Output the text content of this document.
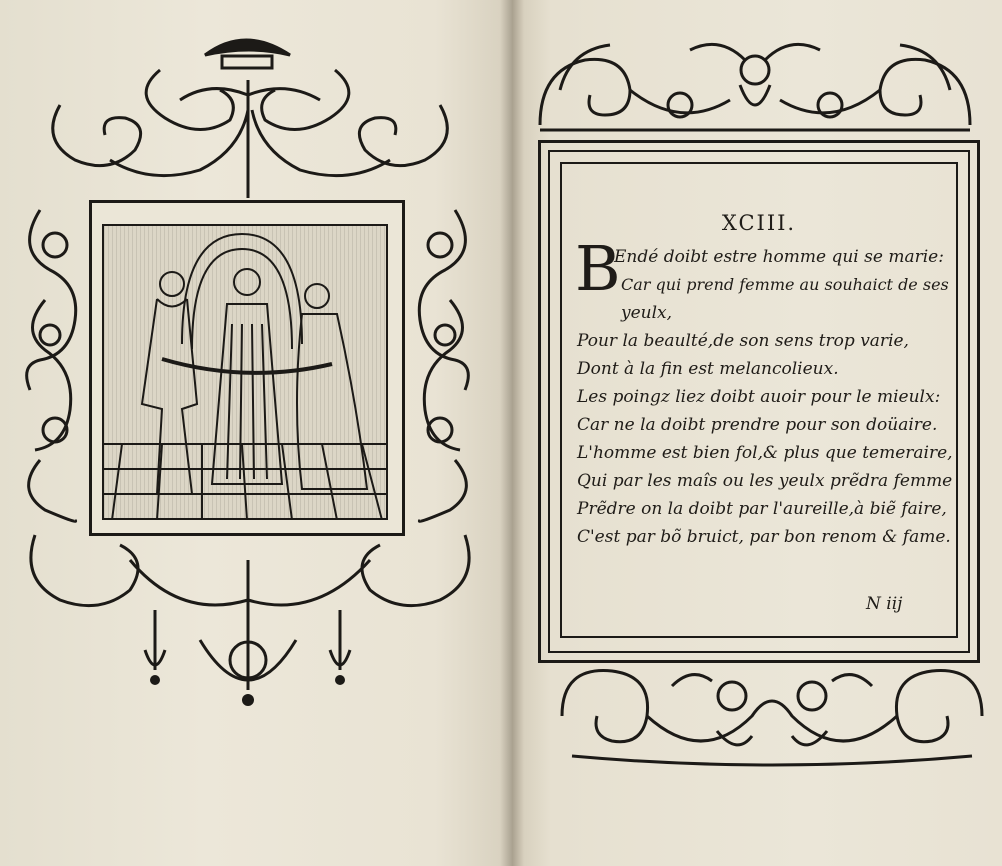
XCIII.
B
Endé doibt estre homme qui se marie:
Car qui prend femme au souhaict de ses
yeulx,
Pour la beaulté,de son sens trop varie,
Dont à la fin est melancolieux.
Les poingz liez doibt auoir pour le mieulx:
Car ne la doibt prendre pour son doüaire.
L'homme est bien fol,& plus que temeraire,
Qui par les maîs ou les yeulx prẽdra femme
Prẽdre on la doibt par l'aureille,à biẽ faire,
C'est par bõ bruict, par bon renom & fame.
N iij
